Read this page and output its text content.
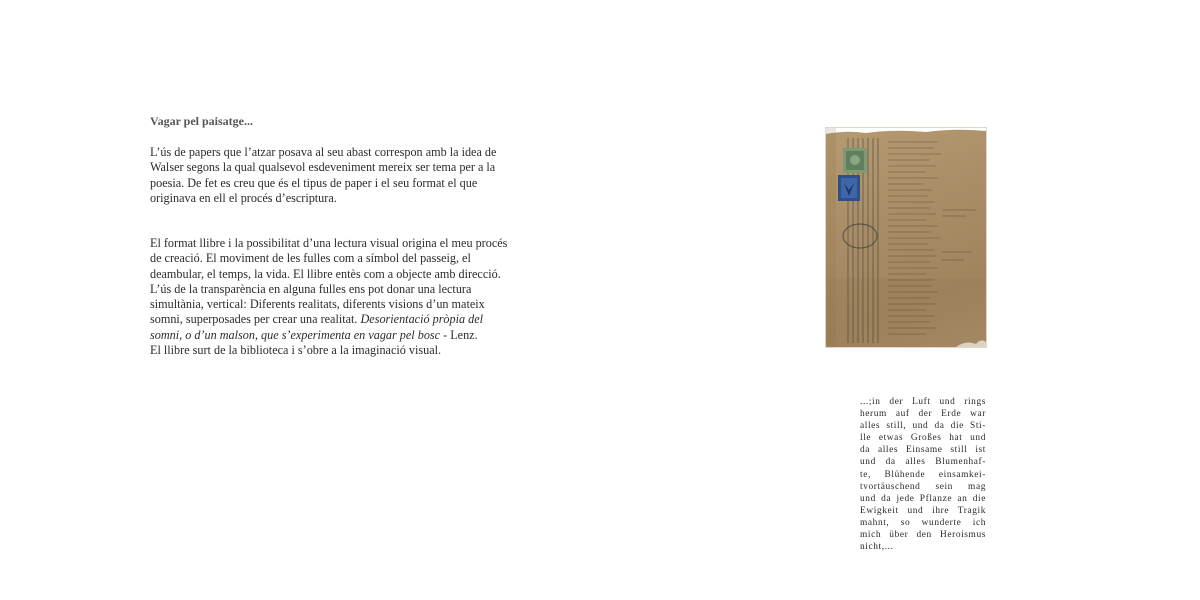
Vagar pel paisatge...

L’ús de papers que l’atzar posava al seu abast correspon amb la idea de
Walser segons la qual qualsevol esdeveniment mereix ser tema per a la
poesia. De fet es creu que és el tipus de paper i el seu format el que
originava en ell el procés d’escriptura.

El format llibre i la possibilitat d’una lectura visual origina el meu procés
de creació. El moviment de les fulles com a símbol del passeig, el
deambular, el temps, la vida. El llibre entès com a objecte amb direcció.
L’ús de la transparència en alguna fulles ens pot donar una lectura
simultània, vertical: Diferents realitats, diferents visions d’un mateix
somni, superposades per crear una realitat. Desorientació pròpia del
somni, o d’un malson, que s’experimenta en vagar pel bosc - Lenz.
El llibre surt de la biblioteca i s’obre a la imaginació visual.

...;in der Luft und rings
herum auf der Erde war
alles still, und da die Sti-
lle etwas Großes hat und
da alles Einsame still ist
und da alles Blumenhaf-
te, Blühende einsamkei-
tvortäuschend sein mag
und da jede Pflanze an die
Ewigkeit und ihre Tragik
mahnt, so wunderte ich
mich über den Heroismus
nicht,...
